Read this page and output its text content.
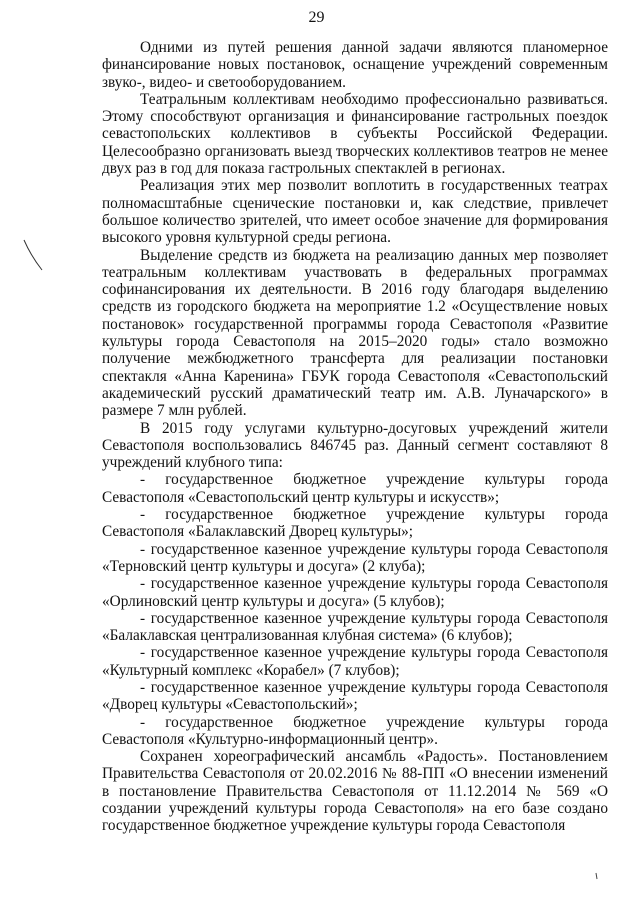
29

Одними из путей решения данной задачи являются планомерное финансирование новых постановок, оснащение учреждений современным звуко-, видео- и светооборудованием.

Театральным коллективам необходимо профессионально развиваться. Этому способствуют организация и финансирование гастрольных поездок севастопольских коллективов в субъекты Российской Федерации. Целесообразно организовать выезд творческих коллективов театров не менее двух раз в год для показа гастрольных спектаклей в регионах.

Реализация этих мер позволит воплотить в государственных театрах полномасштабные сценические постановки и, как следствие, привлечет большое количество зрителей, что имеет особое значение для формирования высокого уровня культурной среды региона.

Выделение средств из бюджета на реализацию данных мер позволяет театральным коллективам участвовать в федеральных программах софинансирования их деятельности. В 2016 году благодаря выделению средств из городского бюджета на мероприятие 1.2 «Осуществление новых постановок» государственной программы города Севастополя «Развитие культуры города Севастополя на 2015–2020 годы» стало возможно получение межбюджетного трансферта для реализации постановки спектакля «Анна Каренина» ГБУК города Севастополя «Севастопольский академический русский драматический театр им. А.В. Луначарского» в размере 7 млн рублей.

В 2015 году услугами культурно-досуговых учреждений жители Севастополя воспользовались 846745 раз. Данный сегмент составляют 8 учреждений клубного типа:

- государственное бюджетное учреждение культуры города Севастополя «Севастопольский центр культуры и искусств»;

- государственное бюджетное учреждение культуры города Севастополя «Балаклавский Дворец культуры»;

- государственное казенное учреждение культуры города Севастополя «Терновский центр культуры и досуга» (2 клуба);

- государственное казенное учреждение культуры города Севастополя «Орлиновский центр культуры и досуга» (5 клубов);

- государственное казенное учреждение культуры города Севастополя «Балаклавская централизованная клубная система» (6 клубов);

- государственное казенное учреждение культуры города Севастополя «Культурный комплекс «Корабел» (7 клубов);

- государственное казенное учреждение культуры города Севастополя «Дворец культуры «Севастопольский»;

- государственное бюджетное учреждение культуры города Севастополя «Культурно-информационный центр».

Сохранен хореографический ансамбль «Радость». Постановлением Правительства Севастополя от 20.02.2016 № 88-ПП «О внесении изменений в постановление Правительства Севастополя от 11.12.2014 № 569 «О создании учреждений культуры города Севастополя» на его базе создано государственное бюджетное учреждение культуры города Севастополя
